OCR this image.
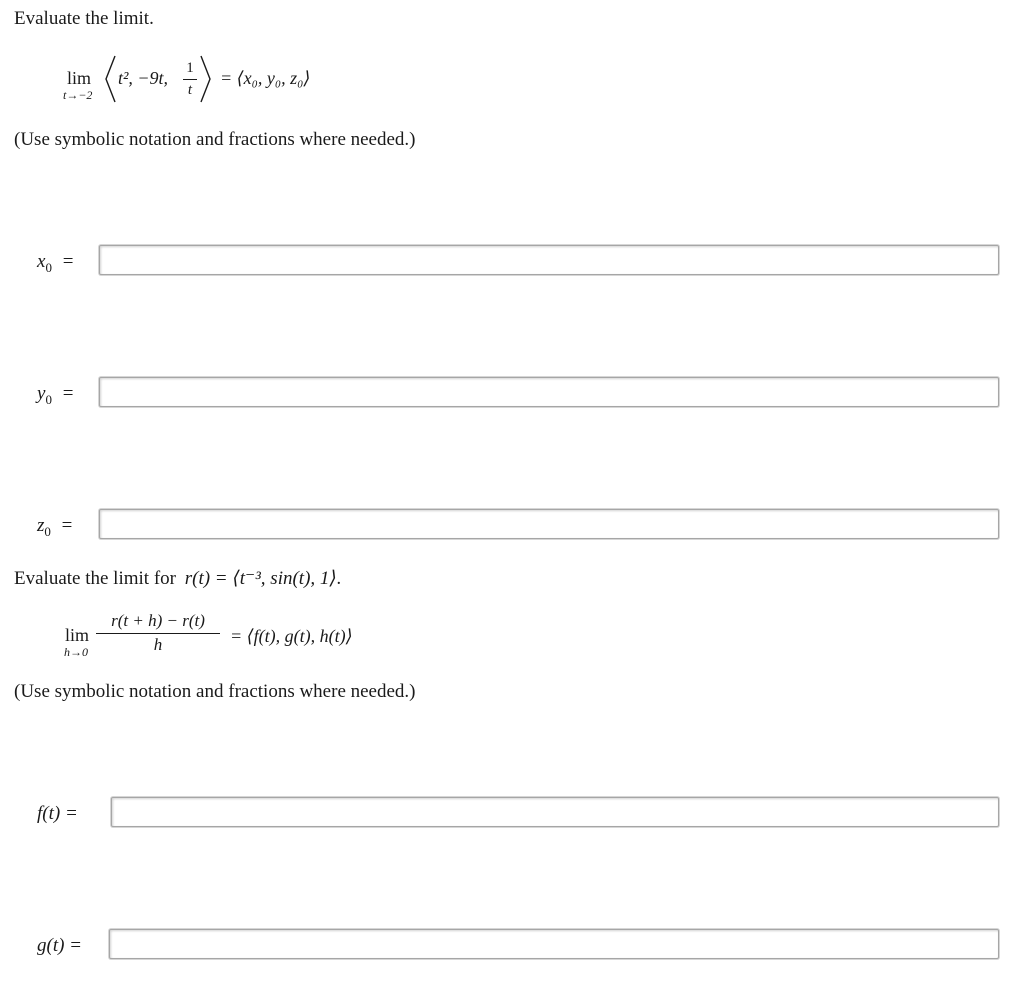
Evaluate the limit.
lim
t→−2
t², −9t, 1
t
= ⟨x₀, y₀, z₀⟩
(Use symbolic notation and fractions where needed.)
$x_0$ =
$y_0$ =
$z_0$ =
Evaluate the limit for r(t) = ⟨t⁻³, sin(t), 1⟩.
lim
h→0
r(t + h) − r(t)
h	= ⟨f(t), g(t), h(t)⟩
(Use symbolic notation and fractions where needed.)
f(t) =
g(t) =
